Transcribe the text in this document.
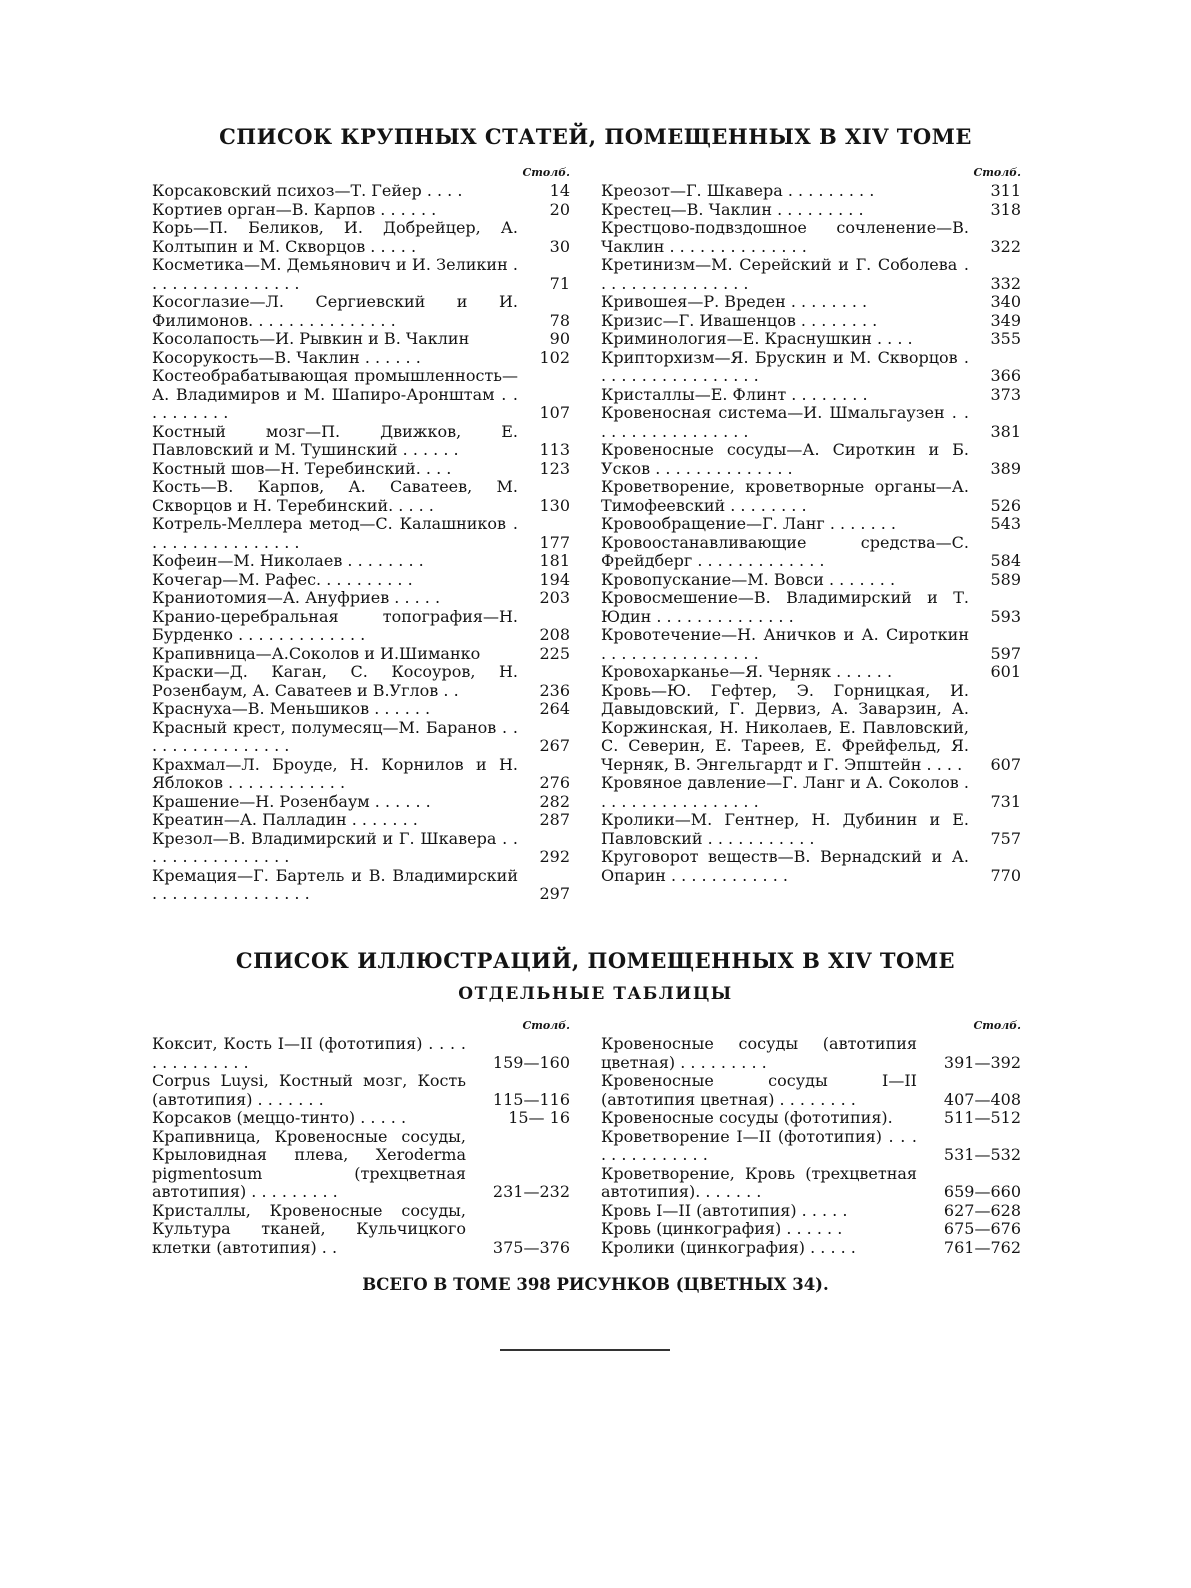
СПИСОК КРУПНЫХ СТАТЕЙ, ПОМЕЩЕННЫХ В XIV ТОМЕ
Столб.
Корсаковский психоз—Т. Гейер . . . .	14
Кортиев орган—В. Карпов . . . . . .	20
Корь—П. Беликов, И. Добрейцер, А. Колтыпин и М. Скворцов . . . . .	30
Косметика—М. Демьянович и И. Зеликин . . . . . . . . . . . . . . . .	71
Косоглазие—Л. Сергиевский и И. Филимонов. . . . . . . . . . . . . . .	78
Косолапость—И. Рывкин и В. Чаклин	90
Косорукость—В. Чаклин . . . . . .	102
Костеобрабатывающая промышленность—А. Владимиров и М. Шапиро-Аронштам . . . . . . . . . .	107
Костный мозг—П. Движков, Е. Павловский и М. Тушинский . . . . . .	113
Костный шов—Н. Теребинский. . . .	123
Кость—В. Карпов, А. Саватеев, М. Скворцов и Н. Теребинский. . . . .	130
Котрель-Меллера метод—С. Калашников . . . . . . . . . . . . . . . .	177
Кофеин—М. Николаев . . . . . . . .	181
Кочегар—М. Рафес. . . . . . . . . .	194
Краниотомия—А. Ануфриев . . . . .	203
Кранио-церебральная топография—Н. Бурденко . . . . . . . . . . . . .	208
Крапивница—А.Соколов и И.Шиманко	225
Краски—Д. Каган, С. Косоуров, Н. Розенбаум, А. Саватеев и В.Углов . .	236
Краснуха—В. Меньшиков . . . . . .	264
Красный крест, полумесяц—М. Баранов . . . . . . . . . . . . . . . .	267
Крахмал—Л. Броуде, Н. Корнилов и Н. Яблоков . . . . . . . . . . . .	276
Крашение—Н. Розенбаум . . . . . .	282
Креатин—А. Палладин . . . . . . .	287
Крезол—В. Владимирский и Г. Шкавера . . . . . . . . . . . . . . . .	292
Кремация—Г. Бартель и В. Владимирский . . . . . . . . . . . . . . . .	297
Столб.
Креозот—Г. Шкавера . . . . . . . . .	311
Крестец—В. Чаклин . . . . . . . . .	318
Крестцово-подвздошное сочленение—В. Чаклин . . . . . . . . . . . . . .	322
Кретинизм—М. Серейский и Г. Соболева . . . . . . . . . . . . . . . .	332
Кривошея—Р. Вреден . . . . . . . .	340
Кризис—Г. Ивашенцов . . . . . . . .	349
Криминология—Е. Краснушкин . . . .	355
Крипторхизм—Я. Брускин и М. Скворцов . . . . . . . . . . . . . . . . .	366
Кристаллы—Е. Флинт . . . . . . . .	373
Кровеносная система—И. Шмальгаузен . . . . . . . . . . . . . . . . .	381
Кровеносные сосуды—А. Сироткин и Б. Усков . . . . . . . . . . . . . .	389
Кроветворение, кроветворные органы—А. Тимофеевский . . . . . . . .	526
Кровообращение—Г. Ланг . . . . . . .	543
Кровоостанавливающие средства—С. Фрейдберг . . . . . . . . . . . . .	584
Кровопускание—М. Вовси . . . . . . .	589
Кровосмешение—В. Владимирский и Т. Юдин . . . . . . . . . . . . . .	593
Кровотечение—Н. Аничков и А. Сироткин . . . . . . . . . . . . . . . .	597
Кровохарканье—Я. Черняк . . . . . .	601
Кровь—Ю. Гефтер, Э. Горницкая, И. Давыдовский, Г. Дервиз, А. Заварзин, А. Коржинская, Н. Николаев, Е. Павловский, С. Северин, Е. Тареев, Е. Фрейфельд, Я. Черняк, В. Энгельгардт и Г. Эпштейн . . . .	607
Кровяное давление—Г. Ланг и А. Соколов . . . . . . . . . . . . . . . . .	731
Кролики—М. Гентнер, Н. Дубинин и Е. Павловский . . . . . . . . . . .	757
Круговорот веществ—В. Вернадский и А. Опарин . . . . . . . . . . . .	770
СПИСОК ИЛЛЮСТРАЦИЙ, ПОМЕЩЕННЫХ В XIV ТОМЕ
ОТДЕЛЬНЫЕ ТАБЛИЦЫ
Столб.
Коксит, Кость I—II (фототипия) . . . . . . . . . . . . . .	159—160
Corpus Luysi, Костный мозг, Кость (автотипия) . . . . . . .	115—116
Корсаков (меццо-тинто) . . . . .	15— 16
Крапивница, Кровеносные сосуды, Крыловидная плева, Xeroderma pigmentosum (трехцветная автотипия) . . . . . . . . .	231—232
Кристаллы, Кровеносные сосуды, Культура тканей, Кульчицкого клетки (автотипия) . .	375—376
Столб.
Кровеносные сосуды (автотипия цветная) . . . . . . . . .	391—392
Кровеносные сосуды I—II (автотипия цветная) . . . . . . . .	407—408
Кровеносные сосуды (фототипия).	511—512
Кроветворение I—II (фототипия) . . . . . . . . . . . . . .	531—532
Кроветворение, Кровь (трехцветная автотипия). . . . . . .	659—660
Кровь I—II (автотипия) . . . . .	627—628
Кровь (цинкография) . . . . . .	675—676
Кролики (цинкография) . . . . .	761—762
ВСЕГО В ТОМЕ 398 РИСУНКОВ (ЦВЕТНЫХ 34).
